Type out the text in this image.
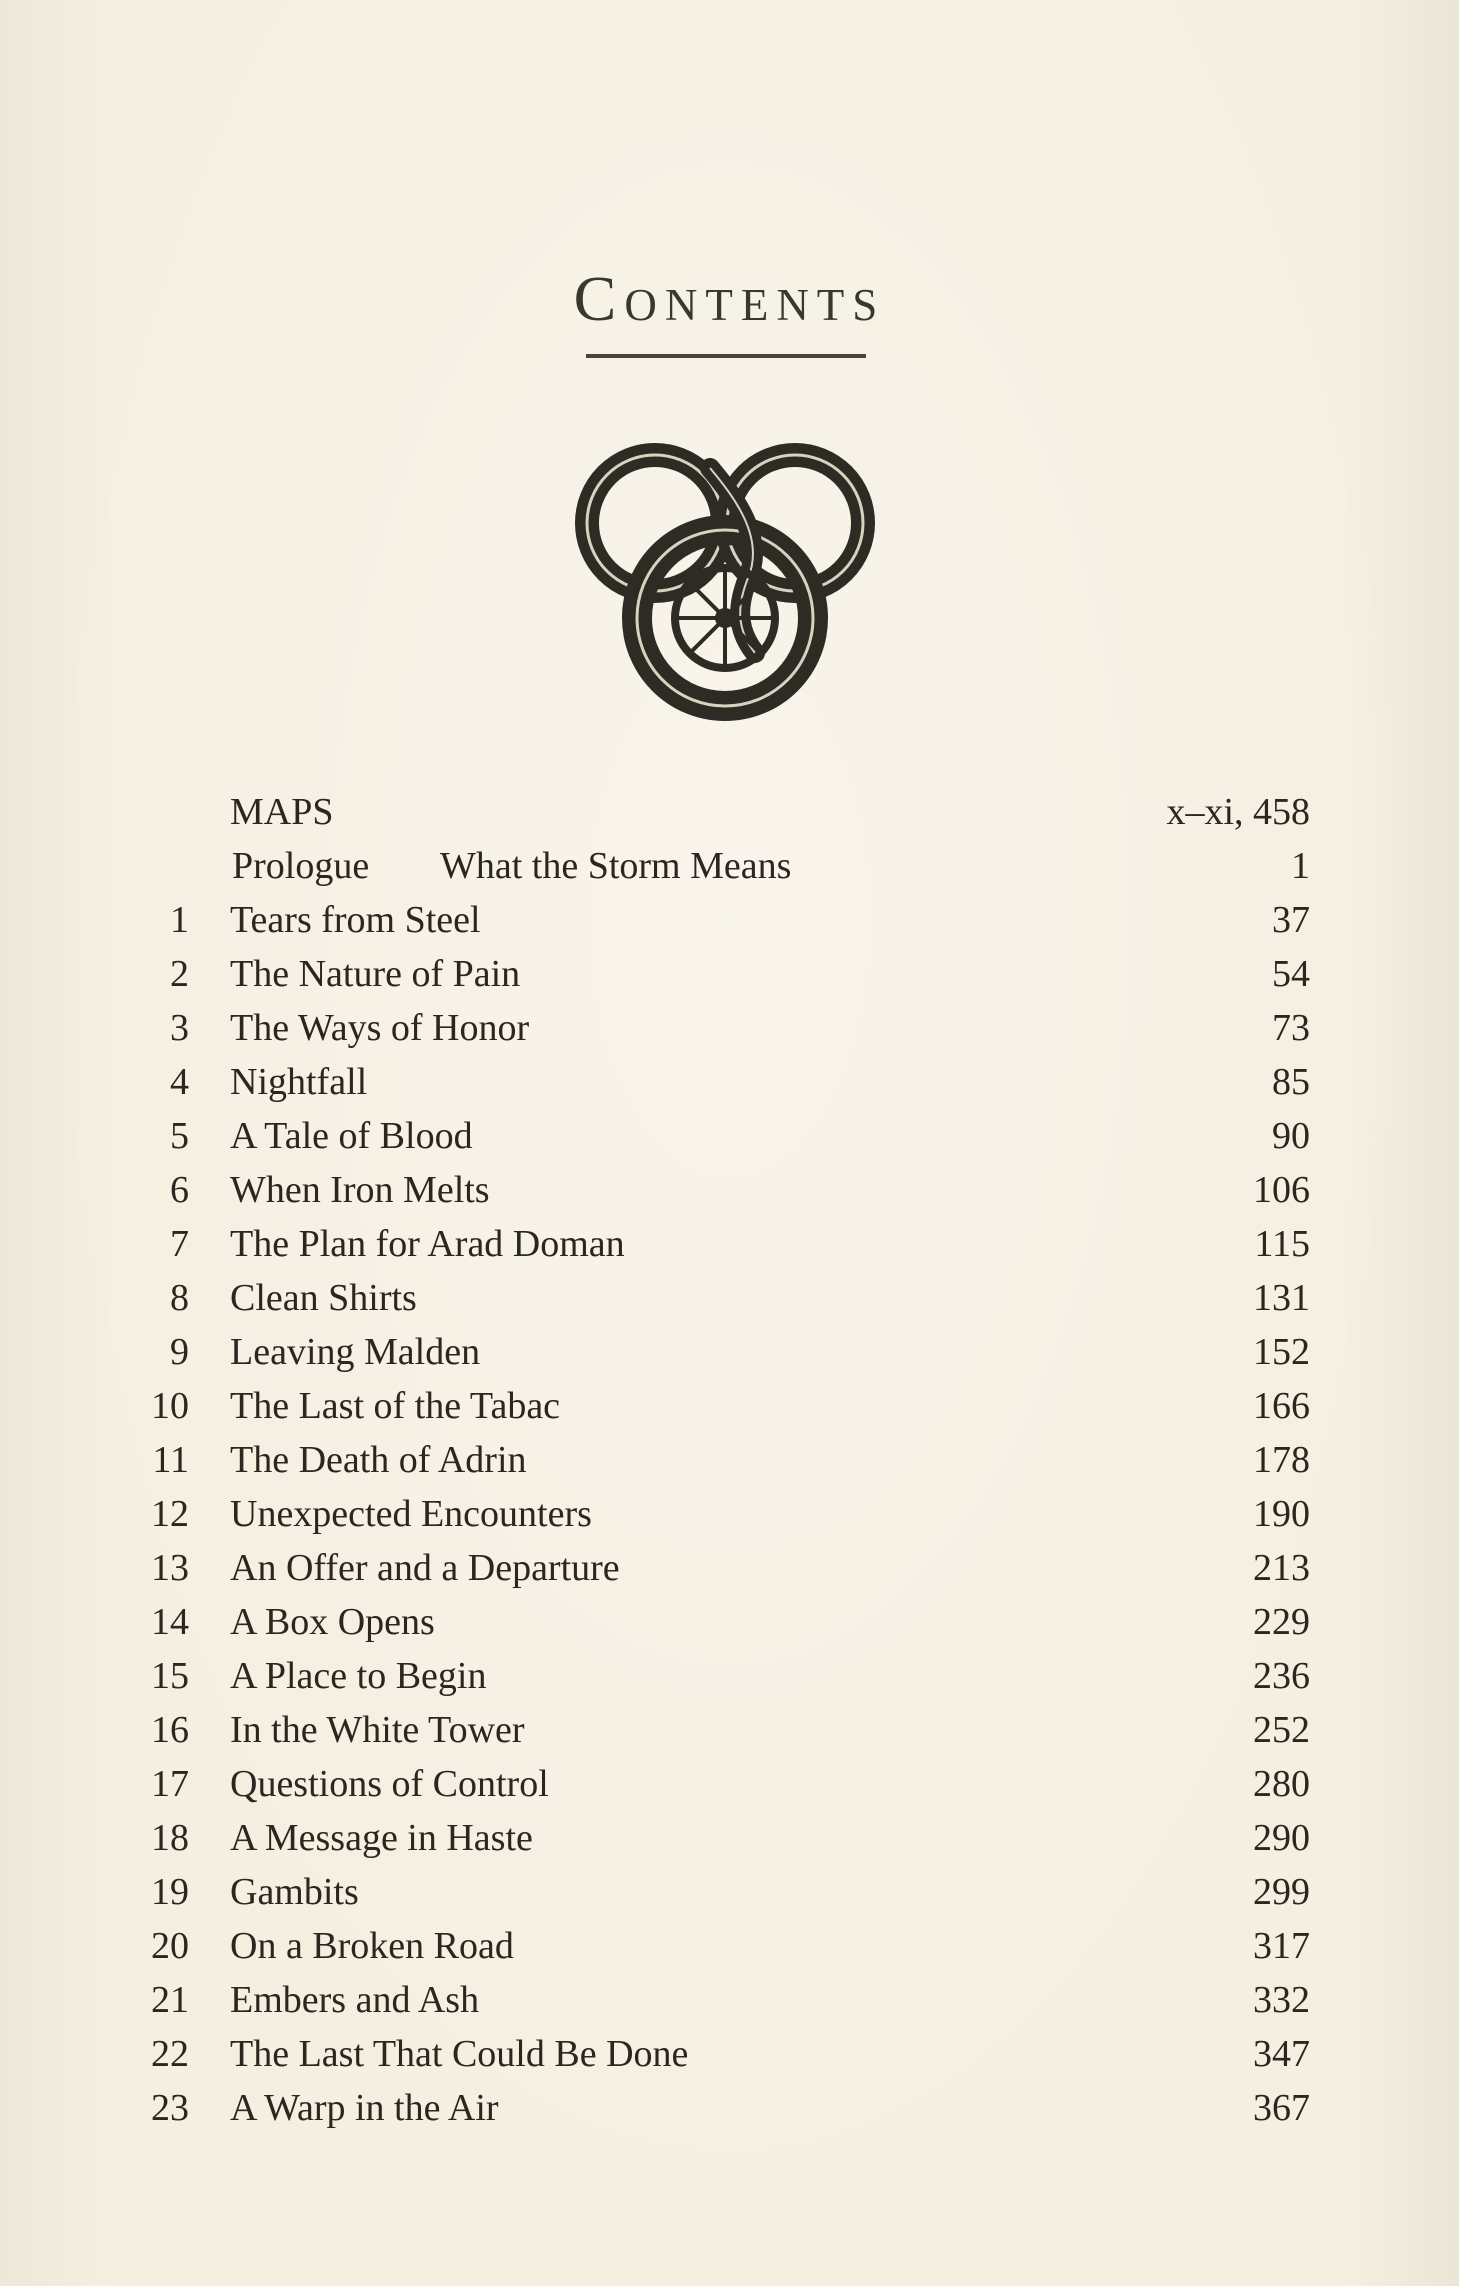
Contents
MAPS	x–xi, 458
Prologue What the Storm Means	1
1 Tears from Steel	37
2 The Nature of Pain	54
3 The Ways of Honor	73
4 Nightfall	85
5 A Tale of Blood	90
6 When Iron Melts	106
7 The Plan for Arad Doman	115
8 Clean Shirts	131
9 Leaving Malden	152
10 The Last of the Tabac	166
11 The Death of Adrin	178
12 Unexpected Encounters	190
13 An Offer and a Departure	213
14 A Box Opens	229
15 A Place to Begin	236
16 In the White Tower	252
17 Questions of Control	280
18 A Message in Haste	290
19 Gambits	299
20 On a Broken Road	317
21 Embers and Ash	332
22 The Last That Could Be Done	347
23 A Warp in the Air	367
